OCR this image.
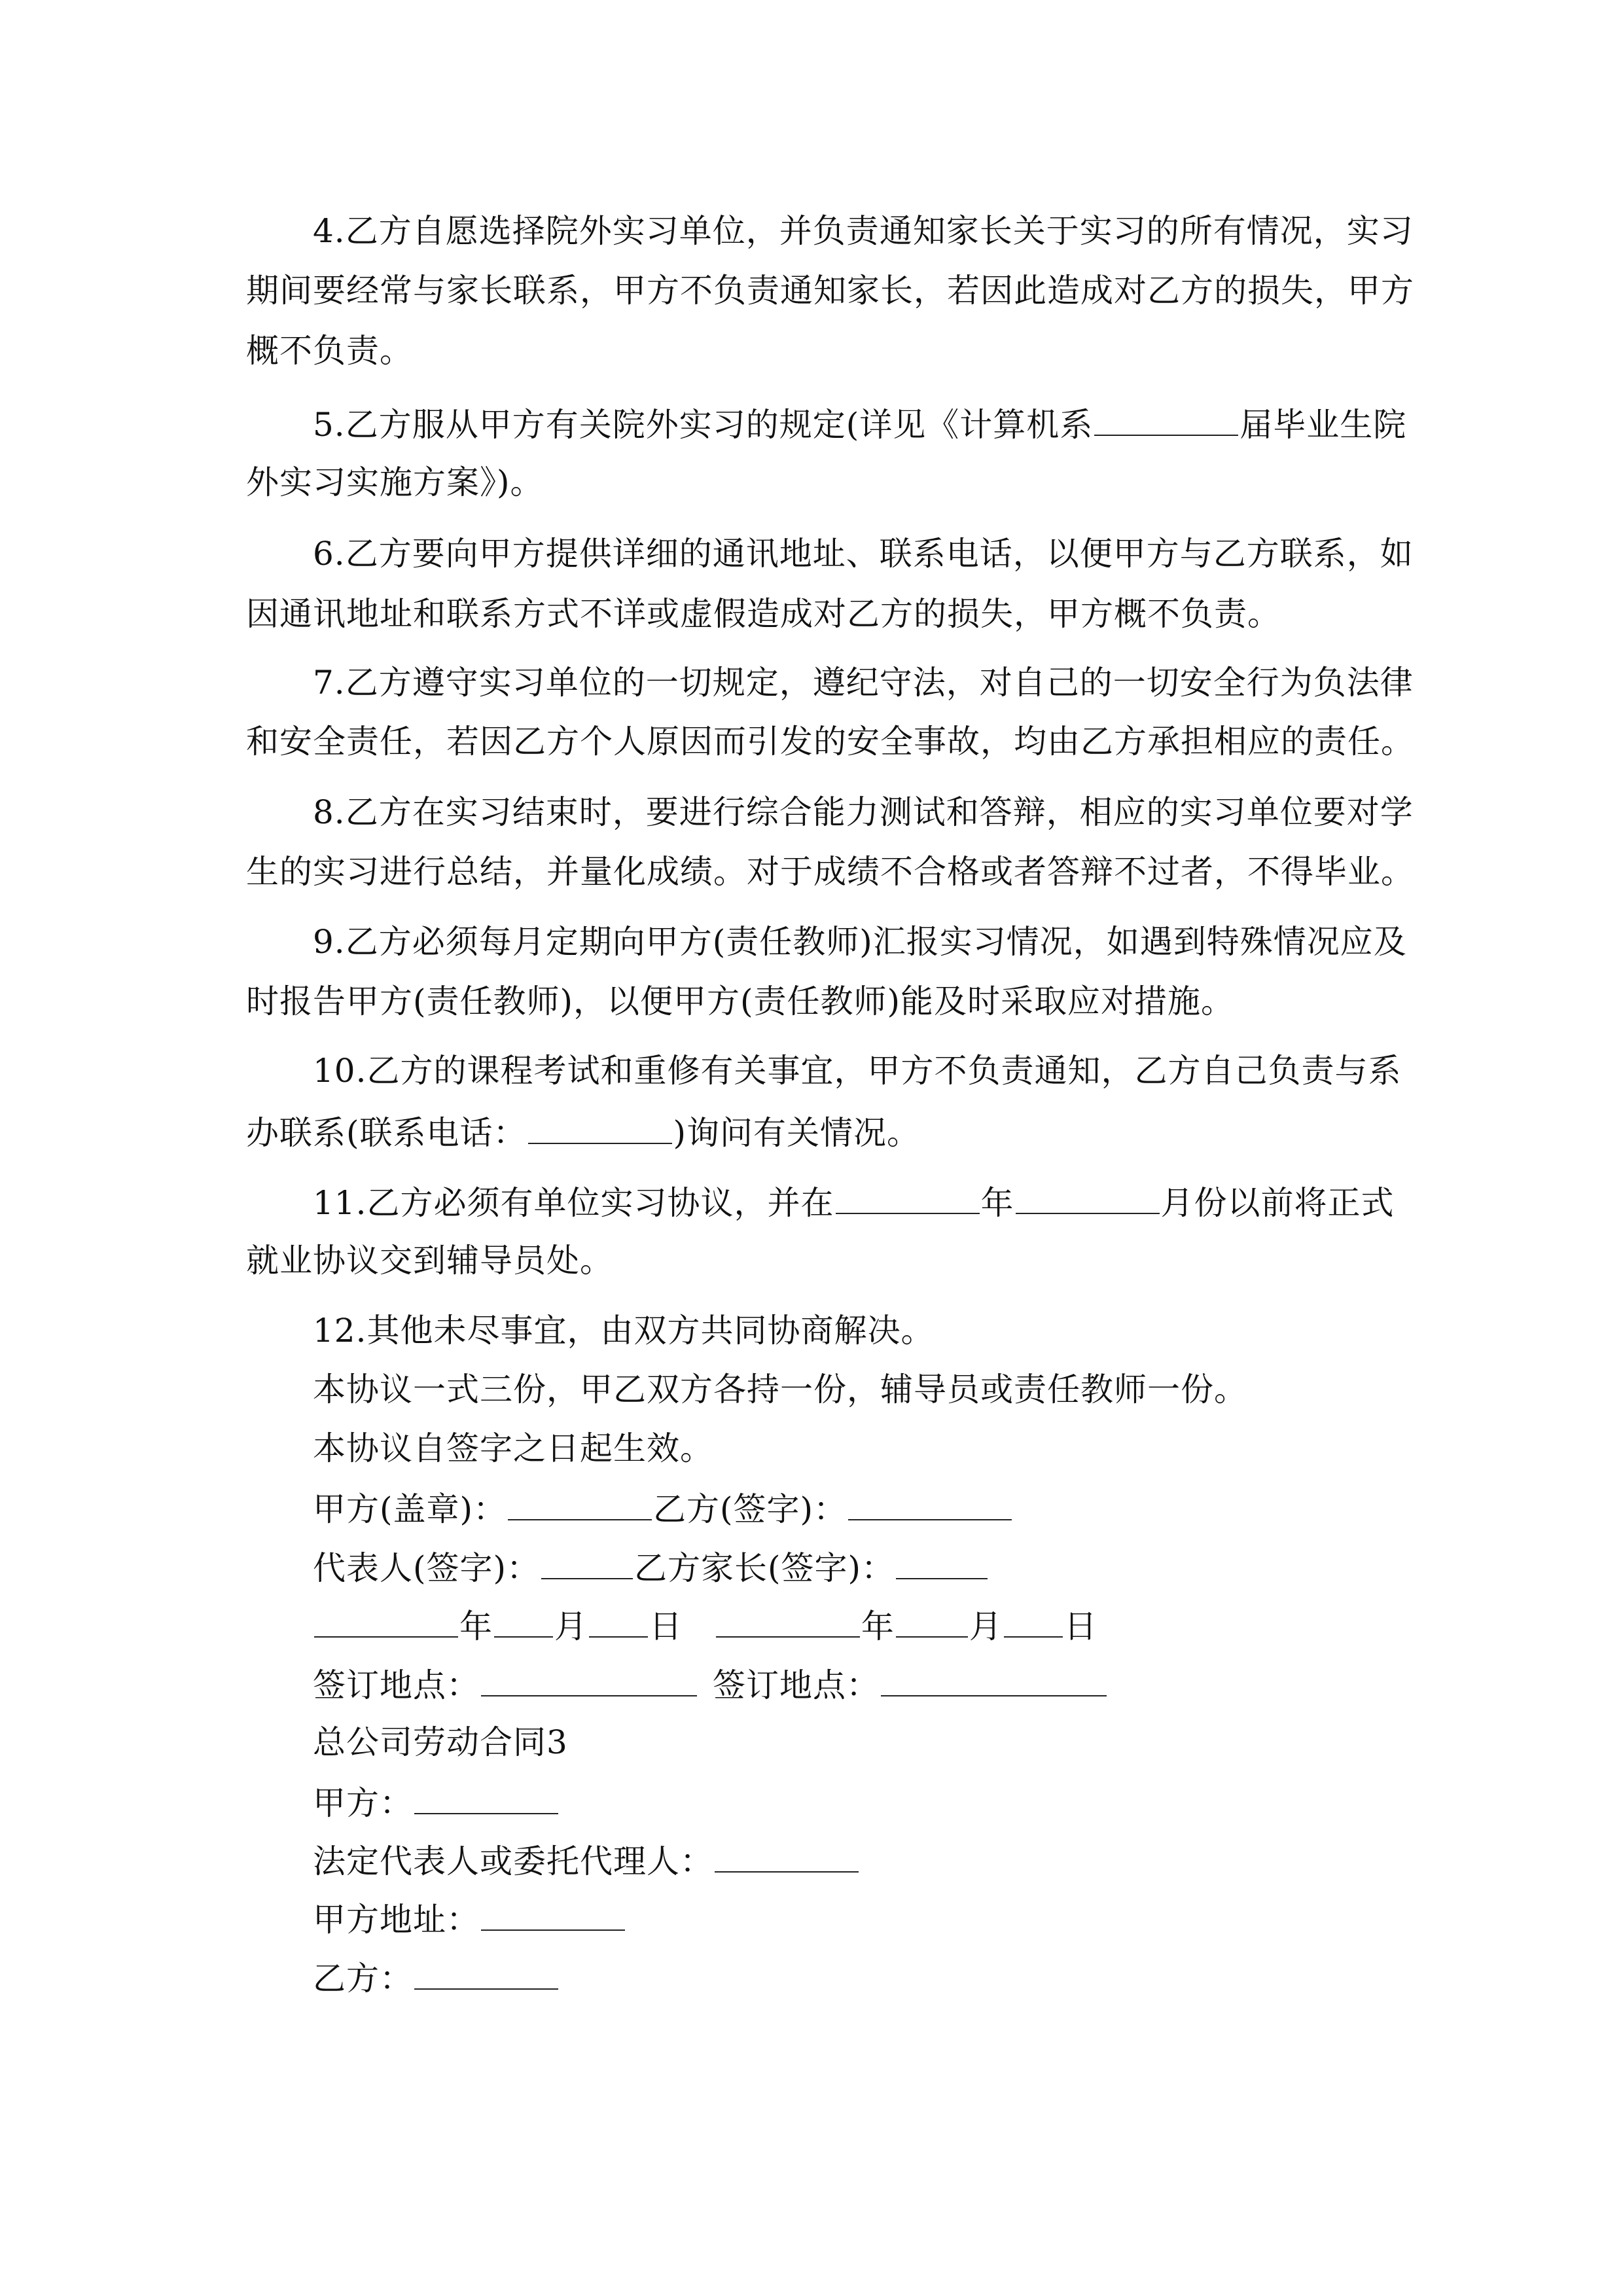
4.乙方自愿选择院外实习单位，并负责通知家长关于实习的所有情况，实习
期间要经常与家长联系，甲方不负责通知家长，若因此造成对乙方的损失，甲方
概不负责。
5.乙方服从甲方有关院外实习的规定(详见《计算机系	届毕业生院
外实习实施方案》)。
6.乙方要向甲方提供详细的通讯地址、联系电话，以便甲方与乙方联系，如
因通讯地址和联系方式不详或虚假造成对乙方的损失，甲方概不负责。
7.乙方遵守实习单位的一切规定，遵纪守法，对自己的一切安全行为负法律
和安全责任，若因乙方个人原因而引发的安全事故，均由乙方承担相应的责任。
8.乙方在实习结束时，要进行综合能力测试和答辩，相应的实习单位要对学
生的实习进行总结，并量化成绩。对于成绩不合格或者答辩不过者，不得毕业。
9.乙方必须每月定期向甲方(责任教师)汇报实习情况，如遇到特殊情况应及
时报告甲方(责任教师)，以便甲方(责任教师)能及时采取应对措施。
10.乙方的课程考试和重修有关事宜，甲方不负责通知，乙方自己负责与系
办联系(联系电话：	)询问有关情况。
11.乙方必须有单位实习协议，并在	年	月份以前将正式
就业协议交到辅导员处。
12.其他未尽事宜，由双方共同协商解决。
本协议一式三份，甲乙双方各持一份，辅导员或责任教师一份。
本协议自签字之日起生效。
甲方(盖章)：	乙方(签字)：
代表人(签字)：	乙方家长(签字)：
年 月 日	年 月 日
签订地点：	签订地点：
总公司劳动合同3
甲方：
法定代表人或委托代理人：
甲方地址：
乙方：
